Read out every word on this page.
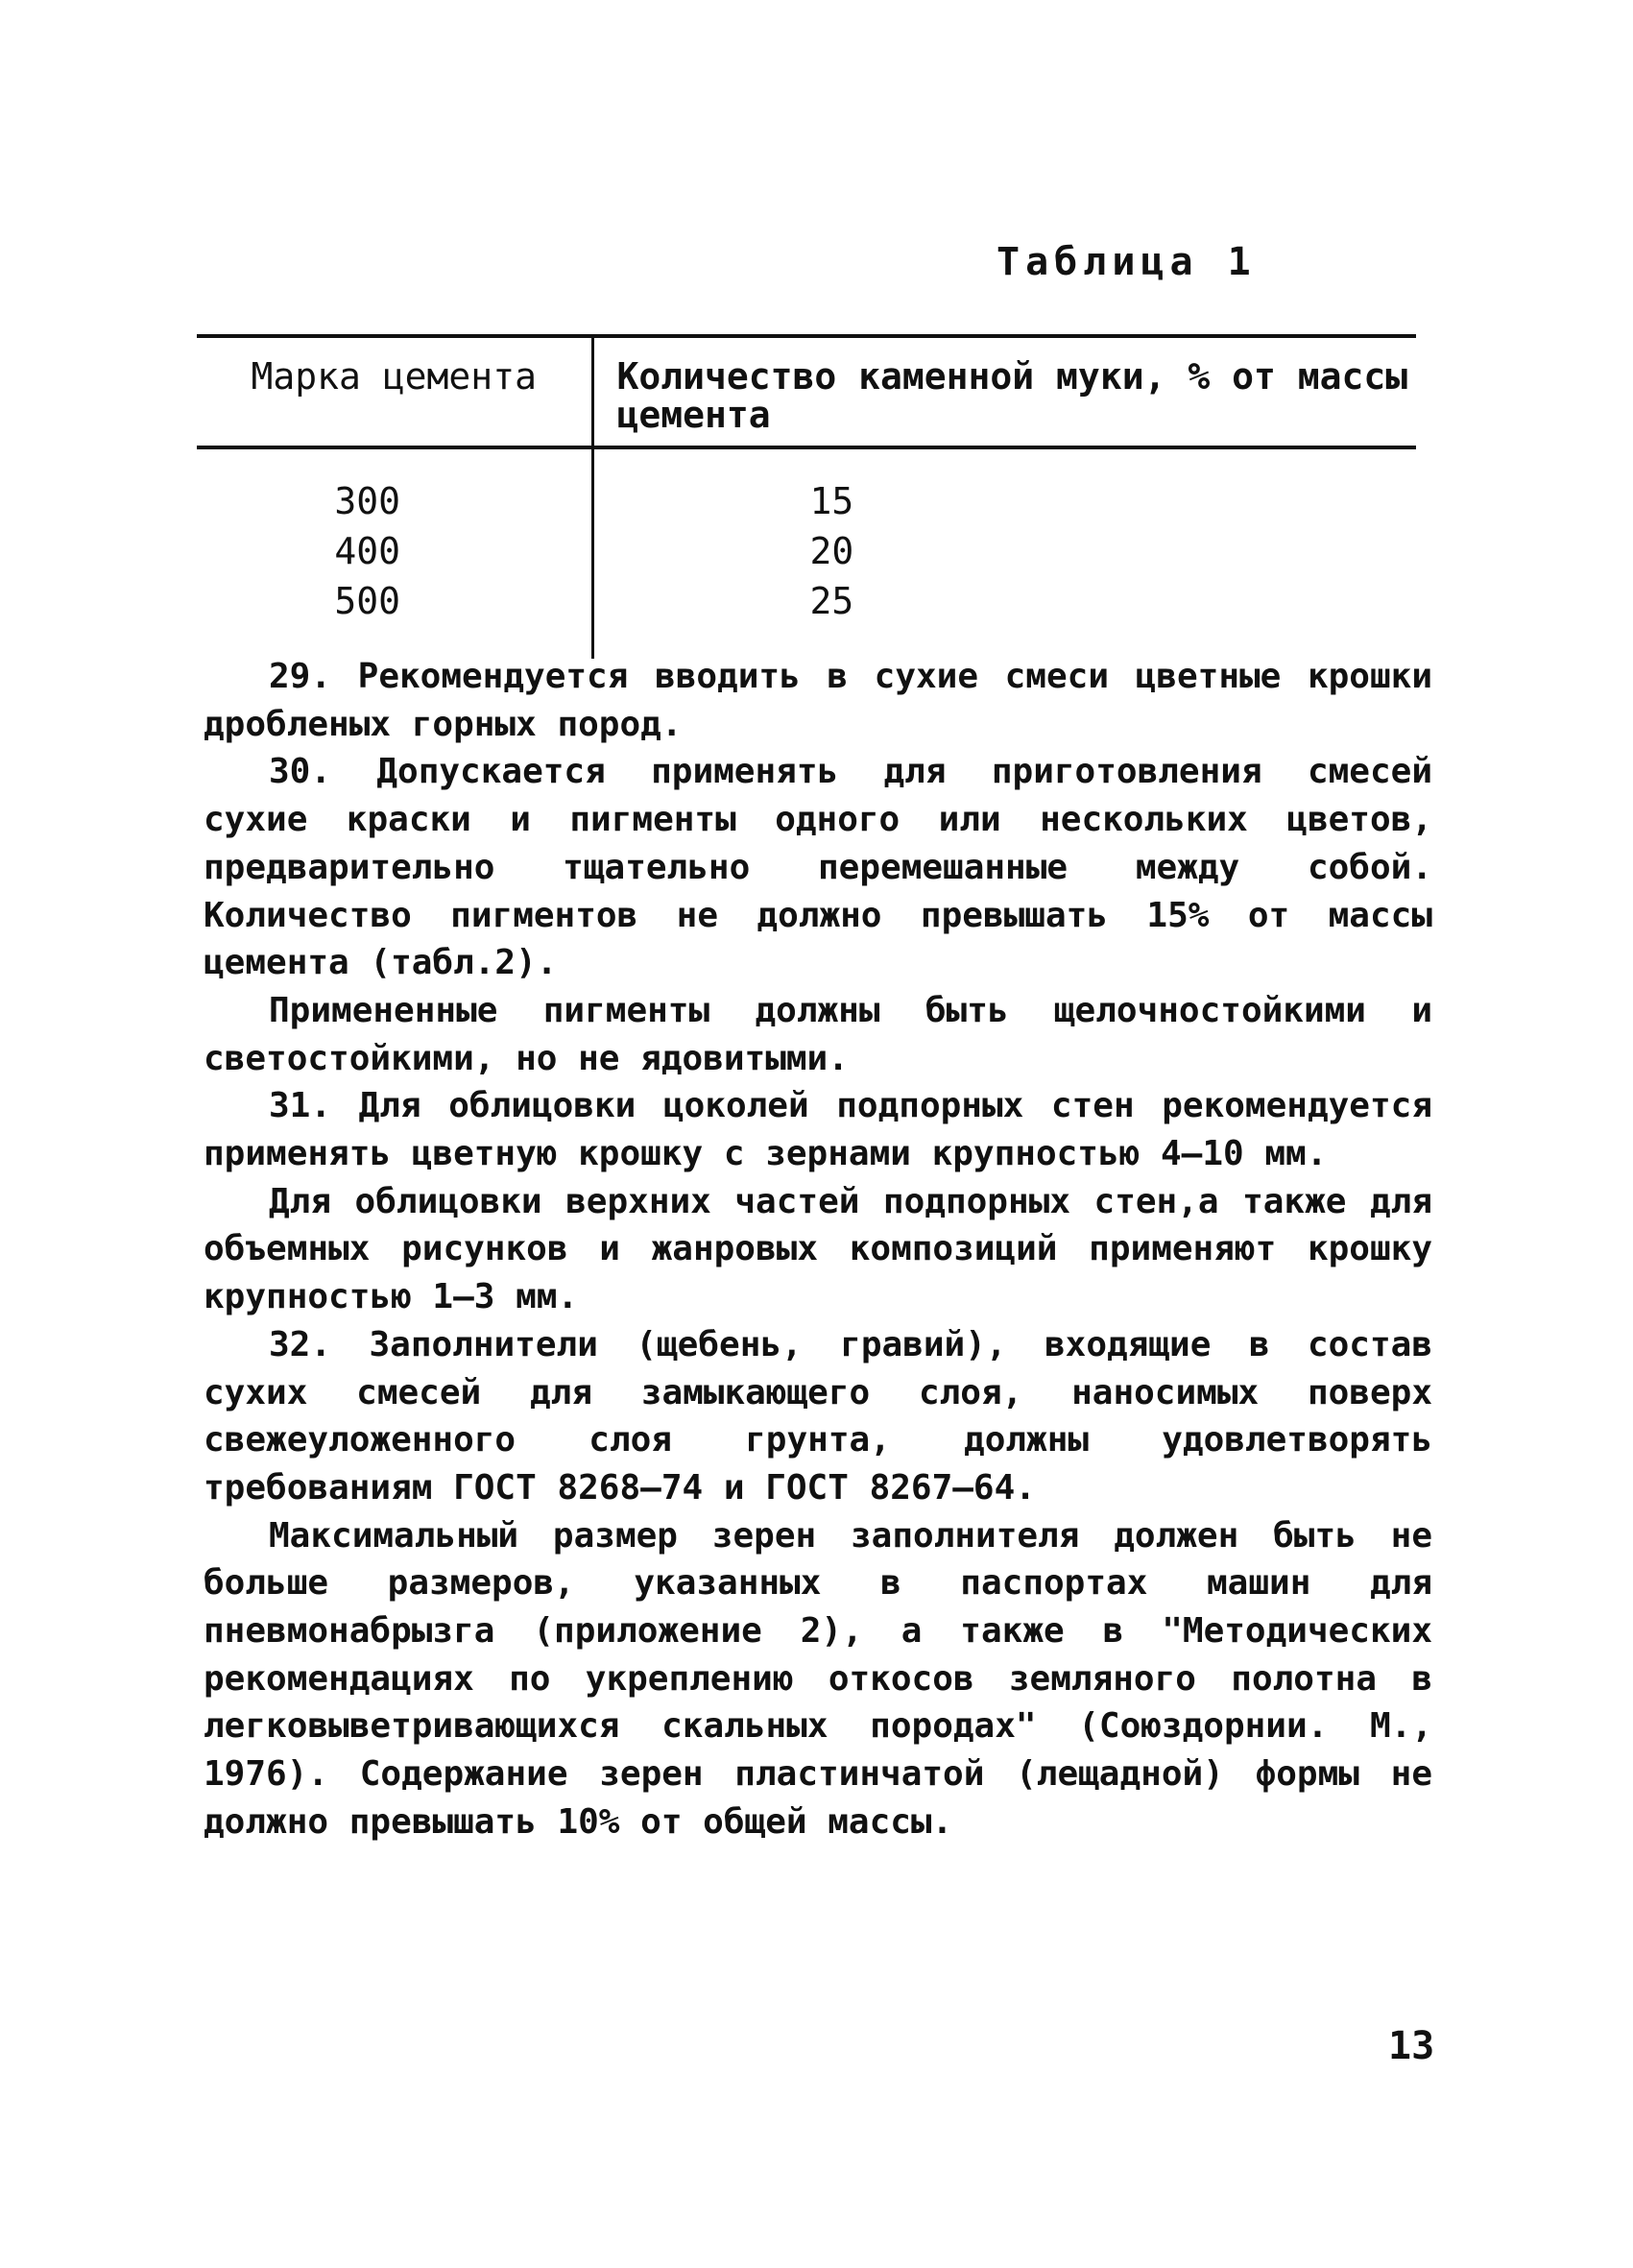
Таблица 1
Марка цемента	Количество каменной муки, % от массы цемента
300	15
400	20
500	25

29. Рекомендуется вводить в сухие смеси цветные крошки дробленых горных пород.

30. Допускается применять для приготовления смесей сухие краски и пигменты одного или нескольких цветов, предварительно тщательно перемешанные между собой. Количество пигментов не должно превышать 15% от массы цемента (табл.2).

Примененные пигменты должны быть щелочностойкими и светостойкими, но не ядовитыми.

31. Для облицовки цоколей подпорных стен рекомендуется применять цветную крошку с зернами крупностью 4–10 мм.

Для облицовки верхних частей подпорных стен,а также для объемных рисунков и жанровых композиций применяют крошку крупностью 1–3 мм.

32. Заполнители (щебень, гравий), входящие в состав сухих смесей для замыкающего слоя, наносимых поверх свежеуложенного слоя грунта, должны удовлетворять требованиям ГОСТ 8268–74 и ГОСТ 8267–64.

Максимальный размер зерен заполнителя должен быть не больше размеров, указанных в паспортах машин для пневмонабрызга (приложение 2), а также в "Методических рекомендациях по укреплению откосов земляного полотна в легковыветривающихся скальных породах" (Союздорнии. М., 1976). Содержание зерен пластинчатой (лещадной) формы не должно превышать 10% от общей массы.

13
